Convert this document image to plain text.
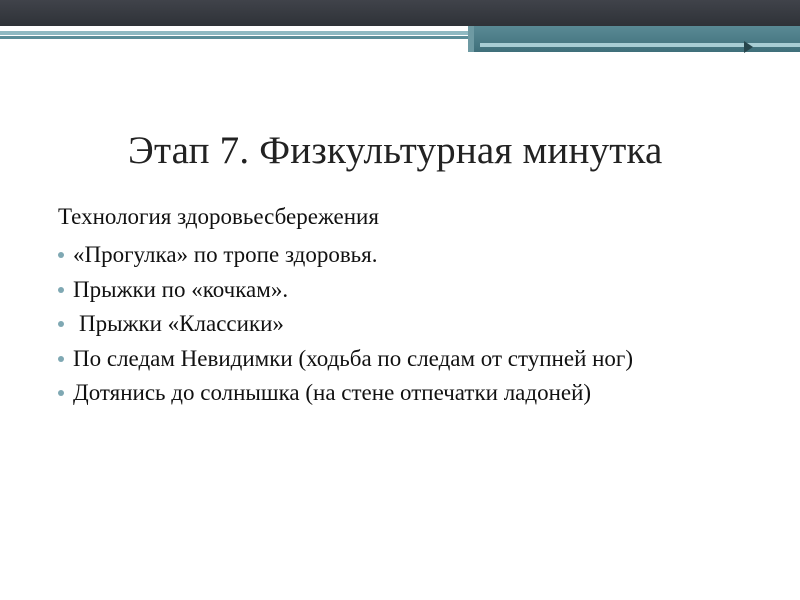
Этап 7. Физкультурная минутка
Технология здоровьесбережения
«Прогулка» по тропе здоровья.
Прыжки по «кочкам».
Прыжки «Классики»
По следам Невидимки (ходьба по следам от ступней ног)
Дотянись до солнышка (на стене отпечатки ладоней)
